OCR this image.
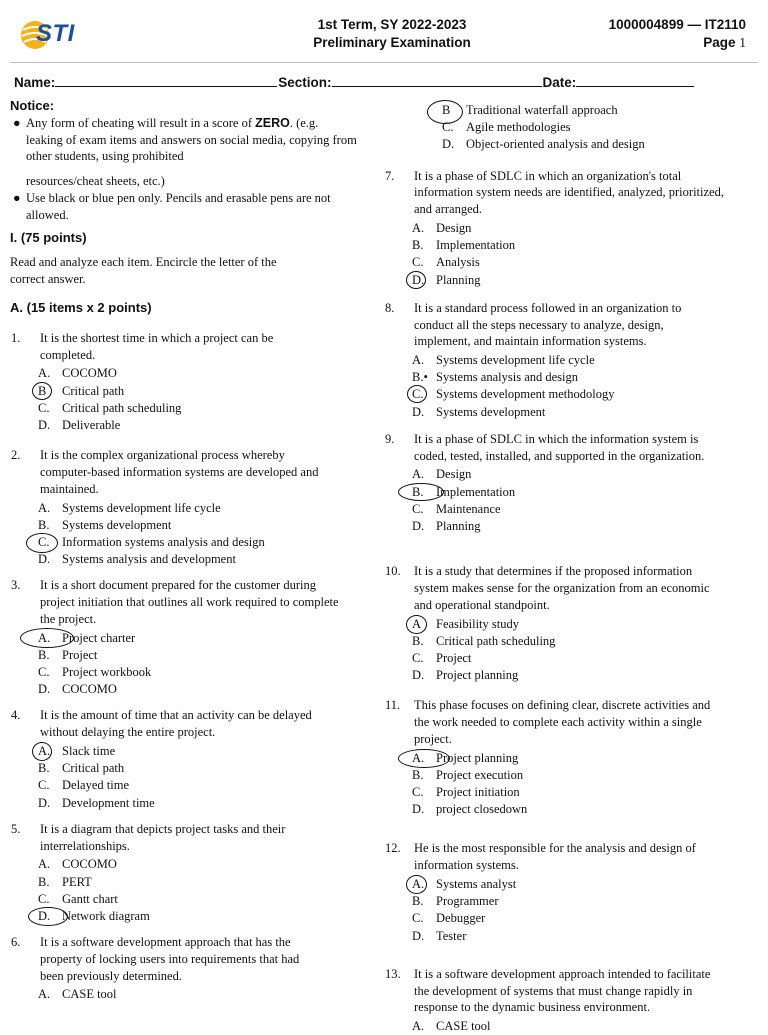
STI	1st Term, SY 2022-2023
Preliminary Examination
1000004899 — IT2110
Page 1
Name:	Section:	Date:
Notice:
● Any form of cheating will result in a score of ZERO. (e.g.
leaking of exam items and answers on social media, copying from
other students, using prohibited
resources/cheat sheets, etc.)
● Use black or blue pen only. Pencils and erasable pens are not
allowed.
I. (75 points)
Read and analyze each item. Encircle the letter of the
correct answer.
A. (15 items x 2 points)
1. It is the shortest time in which a project can be
completed.
A. COCOMO
B Critical path
C. Critical path scheduling
D. Deliverable
2. It is the complex organizational process whereby
computer-based information systems are developed and
maintained.
A. Systems development life cycle
B. Systems development
C. Information systems analysis and design
D. Systems analysis and development
3. It is a short document prepared for the customer during
project initiation that outlines all work required to complete
the project.
A. Project charter
B. Project
C. Project workbook
D. COCOMO
4. It is the amount of time that an activity can be delayed
without delaying the entire project.
A. Slack time
B. Critical path
C. Delayed time
D. Development time
5. It is a diagram that depicts project tasks and their
interrelationships.
A. COCOMO
B. PERT
C. Gantt chart
D. Network diagram
6. It is a software development approach that has the
property of locking users into requirements that had
been previously determined.
A. CASE tool
B Traditional waterfall approach
C. Agile methodologies
D. Object-oriented analysis and design
7. It is a phase of SDLC in which an organization's total
information system needs are identified, analyzed, prioritized,
and arranged.
A. Design
B. Implementation
C. Analysis
D. Planning
8. It is a standard process followed in an organization to
conduct all the steps necessary to analyze, design,
implement, and maintain information systems.
A. Systems development life cycle
B.• Systems analysis and design
C. Systems development methodology
D. Systems development
9. It is a phase of SDLC in which the information system is
coded, tested, installed, and supported in the organization.
A. Design
B. Implementation
C. Maintenance
D. Planning
10. It is a study that determines if the proposed information
system makes sense for the organization from an economic
and operational standpoint.
A Feasibility study
B. Critical path scheduling
C. Project
D. Project planning
11. This phase focuses on defining clear, discrete activities and
the work needed to complete each activity within a single
project.
A. Project planning
B. Project execution
C. Project initiation
D. project closedown
12. He is the most responsible for the analysis and design of
information systems.
A. Systems analyst
B. Programmer
C. Debugger
D. Tester
13. It is a software development approach intended to facilitate
the development of systems that must change rapidly in
response to the dynamic business environment.
A. CASE tool
